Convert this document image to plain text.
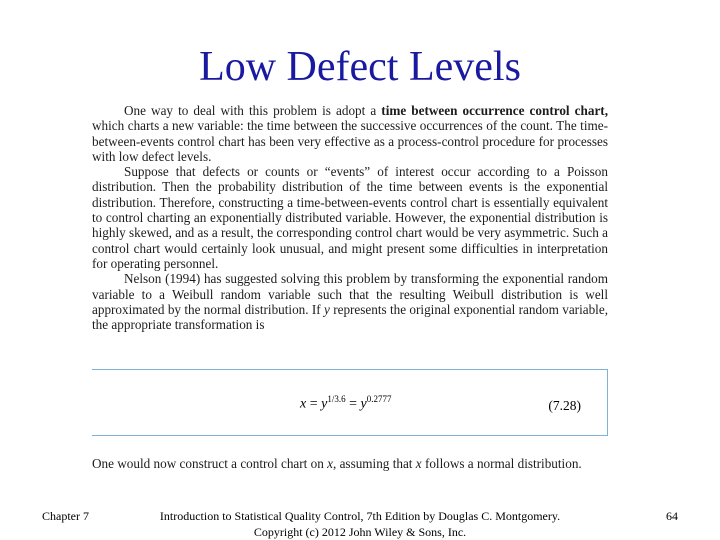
Low Defect Levels

One way to deal with this problem is adopt a time between occurrence control chart, which charts a new variable: the time between the successive occurrences of the count. The time-between-events control chart has been very effective as a process-control procedure for processes with low defect levels.

Suppose that defects or counts or “events” of interest occur according to a Poisson distribution. Then the probability distribution of the time between events is the exponential distribution. Therefore, constructing a time-between-events control chart is essentially equivalent to control charting an exponentially distributed variable. However, the exponential distribution is highly skewed, and as a result, the corresponding control chart would be very asymmetric. Such a control chart would certainly look unusual, and might present some difficulties in interpretation for operating personnel.

Nelson (1994) has suggested solving this problem by transforming the exponential random variable to a Weibull random variable such that the resulting Weibull distribution is well approximated by the normal distribution. If y represents the original exponential random variable, the appropriate transformation is

$x = y^{1/3.6} = y^{0.2777}$	(7.28)
One would now construct a control chart on x, assuming that x follows a normal distribution.
Chapter 7	Introduction to Statistical Quality Control, 7th Edition by Douglas C. Montgomery.
Copyright (c) 2012 John Wiley & Sons, Inc.
64
